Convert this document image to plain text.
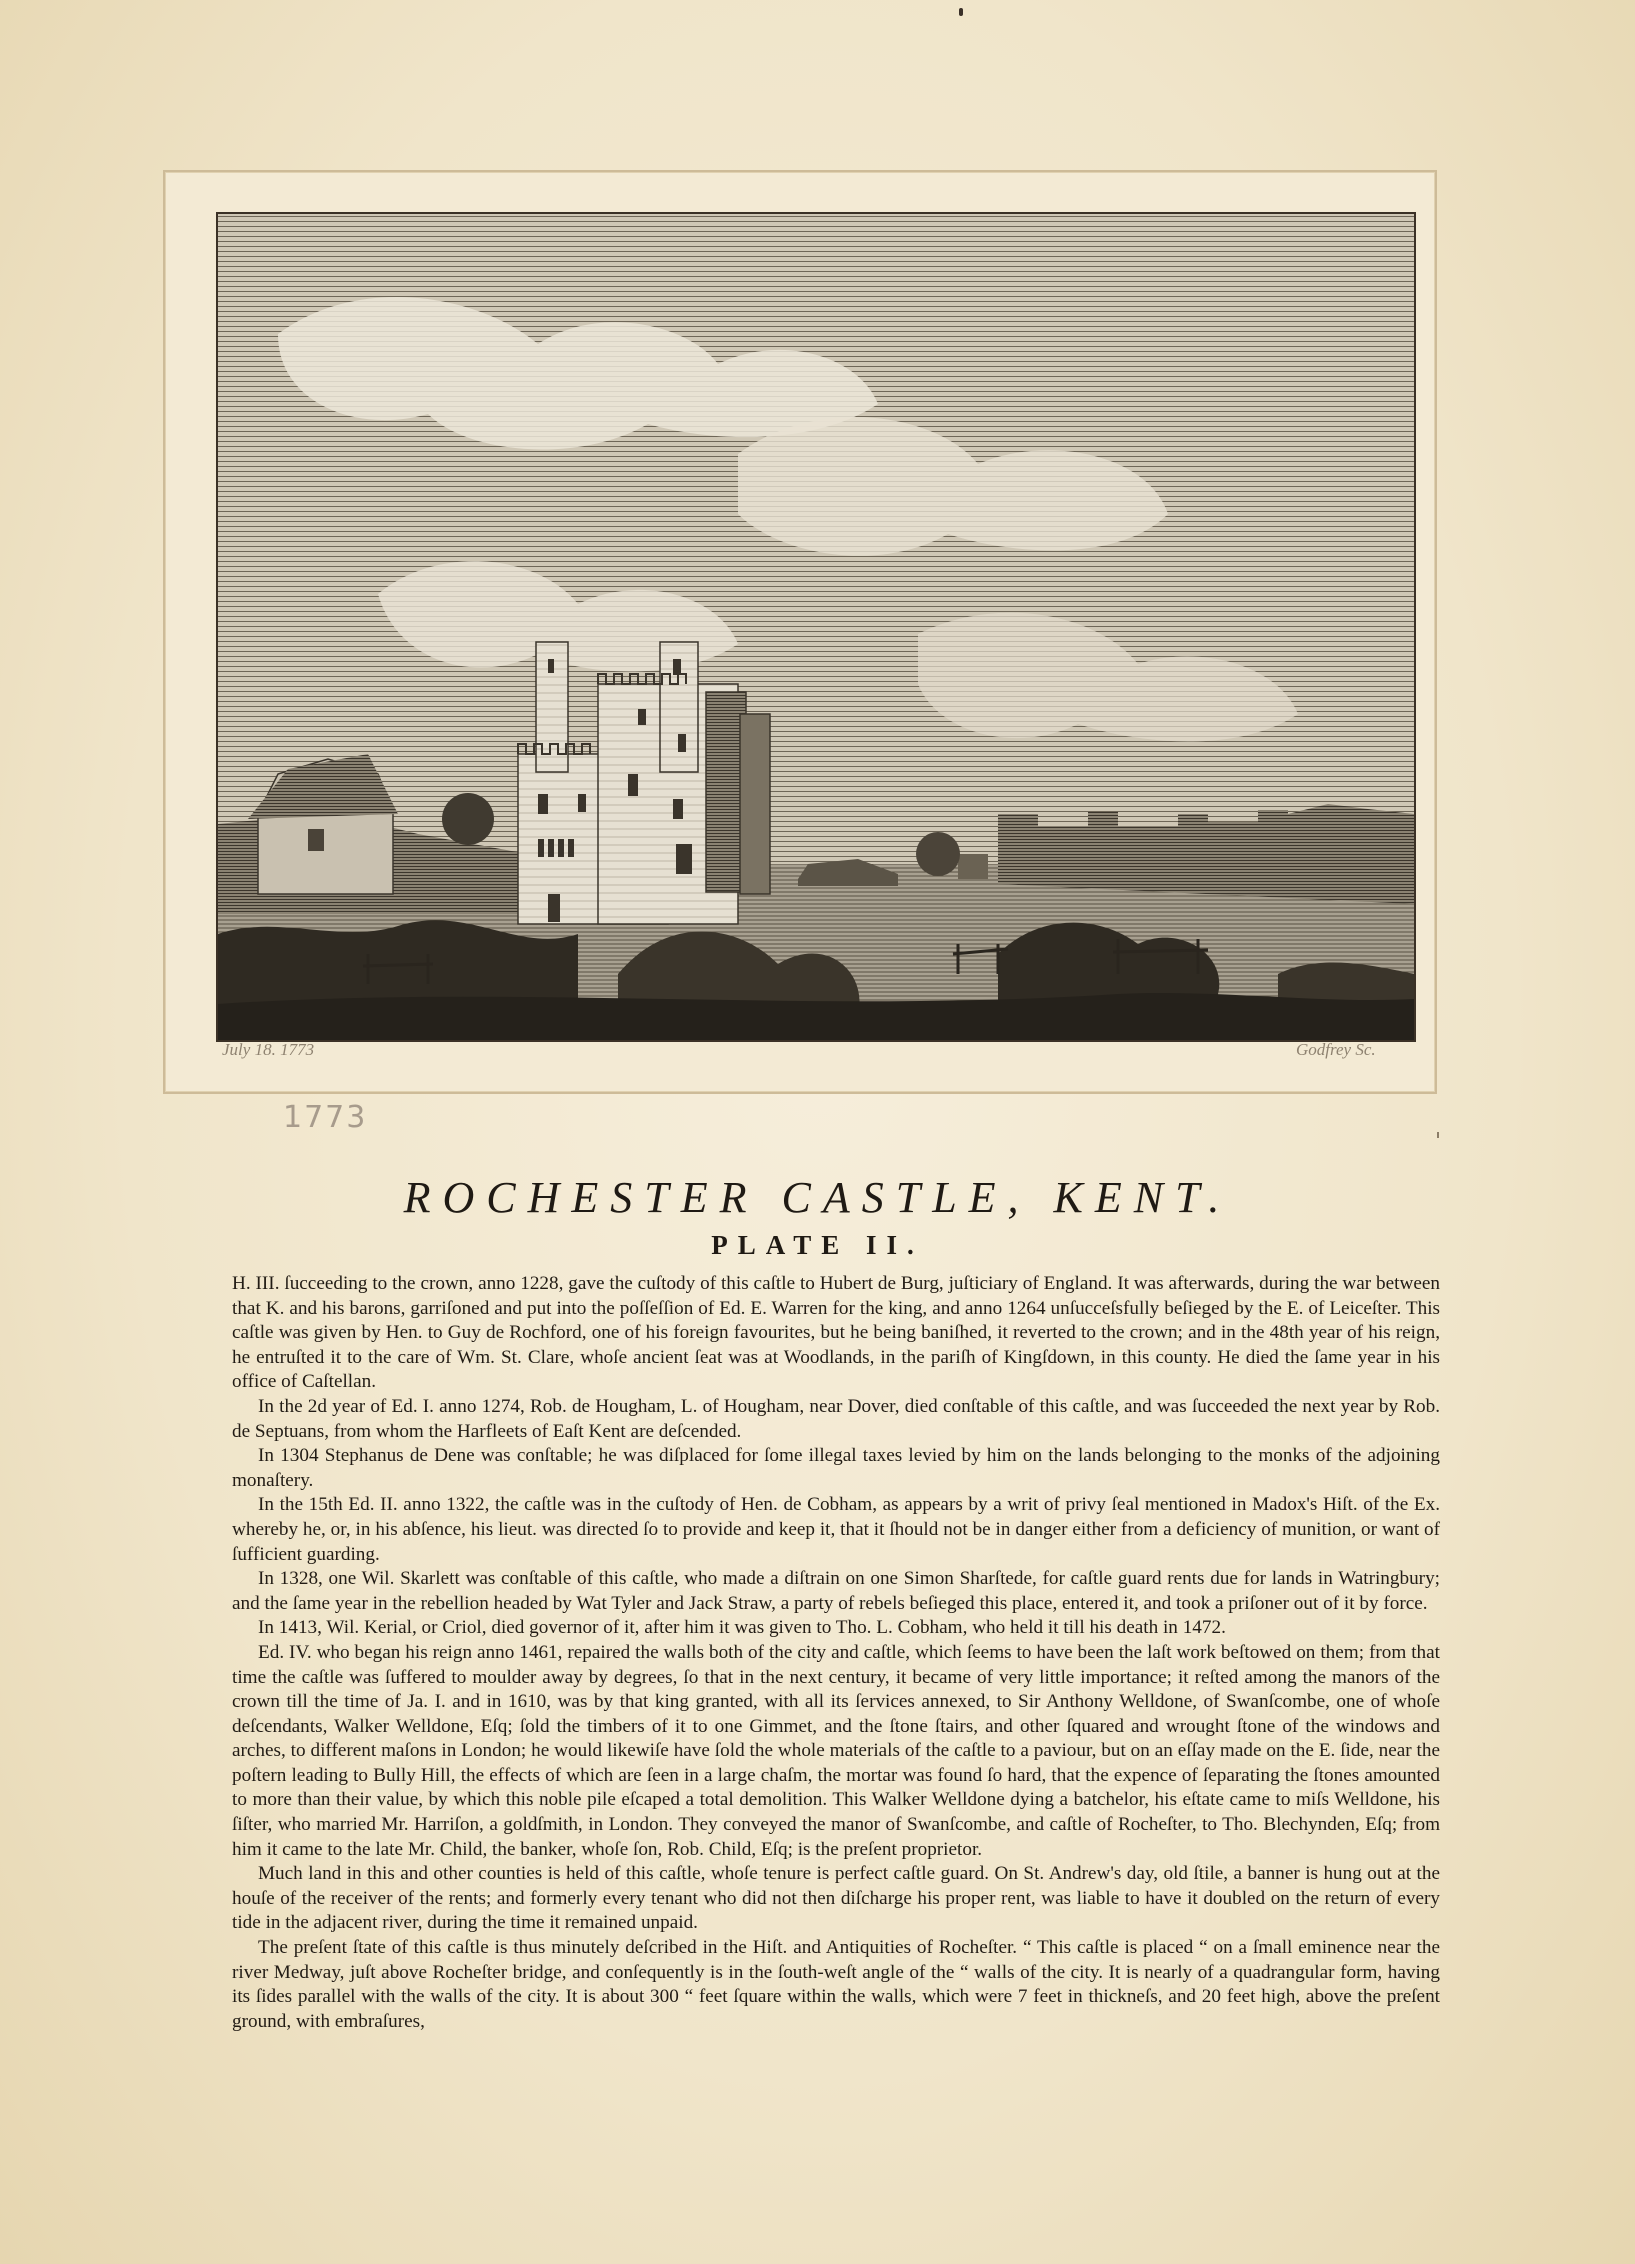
July 18. 1773	Godfrey Sc.
1773
ROCHESTER CASTLE, KENT.
PLATE II.

H. III. ſucceeding to the crown, anno 1228, gave the cuſtody of this caſtle to Hubert de Burg, juſticiary of England. It was afterwards, during the war between that K. and his barons, garriſoned and put into the poſſeſſion of Ed. E. Warren for the king, and anno 1264 unſucceſsfully beſieged by the E. of Leiceſter. This caſtle was given by Hen. to Guy de Rochford, one of his foreign favourites, but he being baniſhed, it reverted to the crown; and in the 48th year of his reign, he entruſted it to the care of Wm. St. Clare, whoſe ancient ſeat was at Woodlands, in the pariſh of Kingſdown, in this county. He died the ſame year in his office of Caſtellan.

In the 2d year of Ed. I. anno 1274, Rob. de Hougham, L. of Hougham, near Dover, died conſtable of this caſtle, and was ſucceeded the next year by Rob. de Septuans, from whom the Harfleets of Eaſt Kent are deſcended.

In 1304 Stephanus de Dene was conſtable; he was diſplaced for ſome illegal taxes levied by him on the lands belonging to the monks of the adjoining monaſtery.

In the 15th Ed. II. anno 1322, the caſtle was in the cuſtody of Hen. de Cobham, as appears by a writ of privy ſeal mentioned in Madox's Hiſt. of the Ex. whereby he, or, in his abſence, his lieut. was directed ſo to provide and keep it, that it ſhould not be in danger either from a deficiency of munition, or want of ſufficient guarding.

In 1328, one Wil. Skarlett was conſtable of this caſtle, who made a diſtrain on one Simon Sharſtede, for caſtle guard rents due for lands in Watringbury; and the ſame year in the rebellion headed by Wat Tyler and Jack Straw, a party of rebels beſieged this place, entered it, and took a priſoner out of it by force.

In 1413, Wil. Kerial, or Criol, died governor of it, after him it was given to Tho. L. Cobham, who held it till his death in 1472.

Ed. IV. who began his reign anno 1461, repaired the walls both of the city and caſtle, which ſeems to have been the laſt work beſtowed on them; from that time the caſtle was ſuffered to moulder away by degrees, ſo that in the next century, it became of very little importance; it reſted among the manors of the crown till the time of Ja. I. and in 1610, was by that king granted, with all its ſervices annexed, to Sir Anthony Welldone, of Swanſcombe, one of whoſe deſcendants, Walker Welldone, Eſq; ſold the timbers of it to one Gimmet, and the ſtone ſtairs, and other ſquared and wrought ſtone of the windows and arches, to different maſons in London; he would likewiſe have ſold the whole materials of the caſtle to a paviour, but on an eſſay made on the E. ſide, near the poſtern leading to Bully Hill, the effects of which are ſeen in a large chaſm, the mortar was found ſo hard, that the expence of ſeparating the ſtones amounted to more than their value, by which this noble pile eſcaped a total demolition. This Walker Welldone dying a batchelor, his eſtate came to miſs Welldone, his ſiſter, who married Mr. Harriſon, a goldſmith, in London. They conveyed the manor of Swanſcombe, and caſtle of Rocheſter, to Tho. Blechynden, Eſq; from him it came to the late Mr. Child, the banker, whoſe ſon, Rob. Child, Eſq; is the preſent proprietor.

Much land in this and other counties is held of this caſtle, whoſe tenure is perfect caſtle guard. On St. Andrew's day, old ſtile, a banner is hung out at the houſe of the receiver of the rents; and formerly every tenant who did not then diſcharge his proper rent, was liable to have it doubled on the return of every tide in the adjacent river, during the time it remained unpaid.

The preſent ſtate of this caſtle is thus minutely deſcribed in the Hiſt. and Antiquities of Rocheſter. “ This caſtle is placed “ on a ſmall eminence near the river Medway, juſt above Rocheſter bridge, and conſequently is in the ſouth-weſt angle of the “ walls of the city. It is nearly of a quadrangular form, having its ſides parallel with the walls of the city. It is about 300 “ feet ſquare within the walls, which were 7 feet in thickneſs, and 20 feet high, above the preſent ground, with embraſures,
